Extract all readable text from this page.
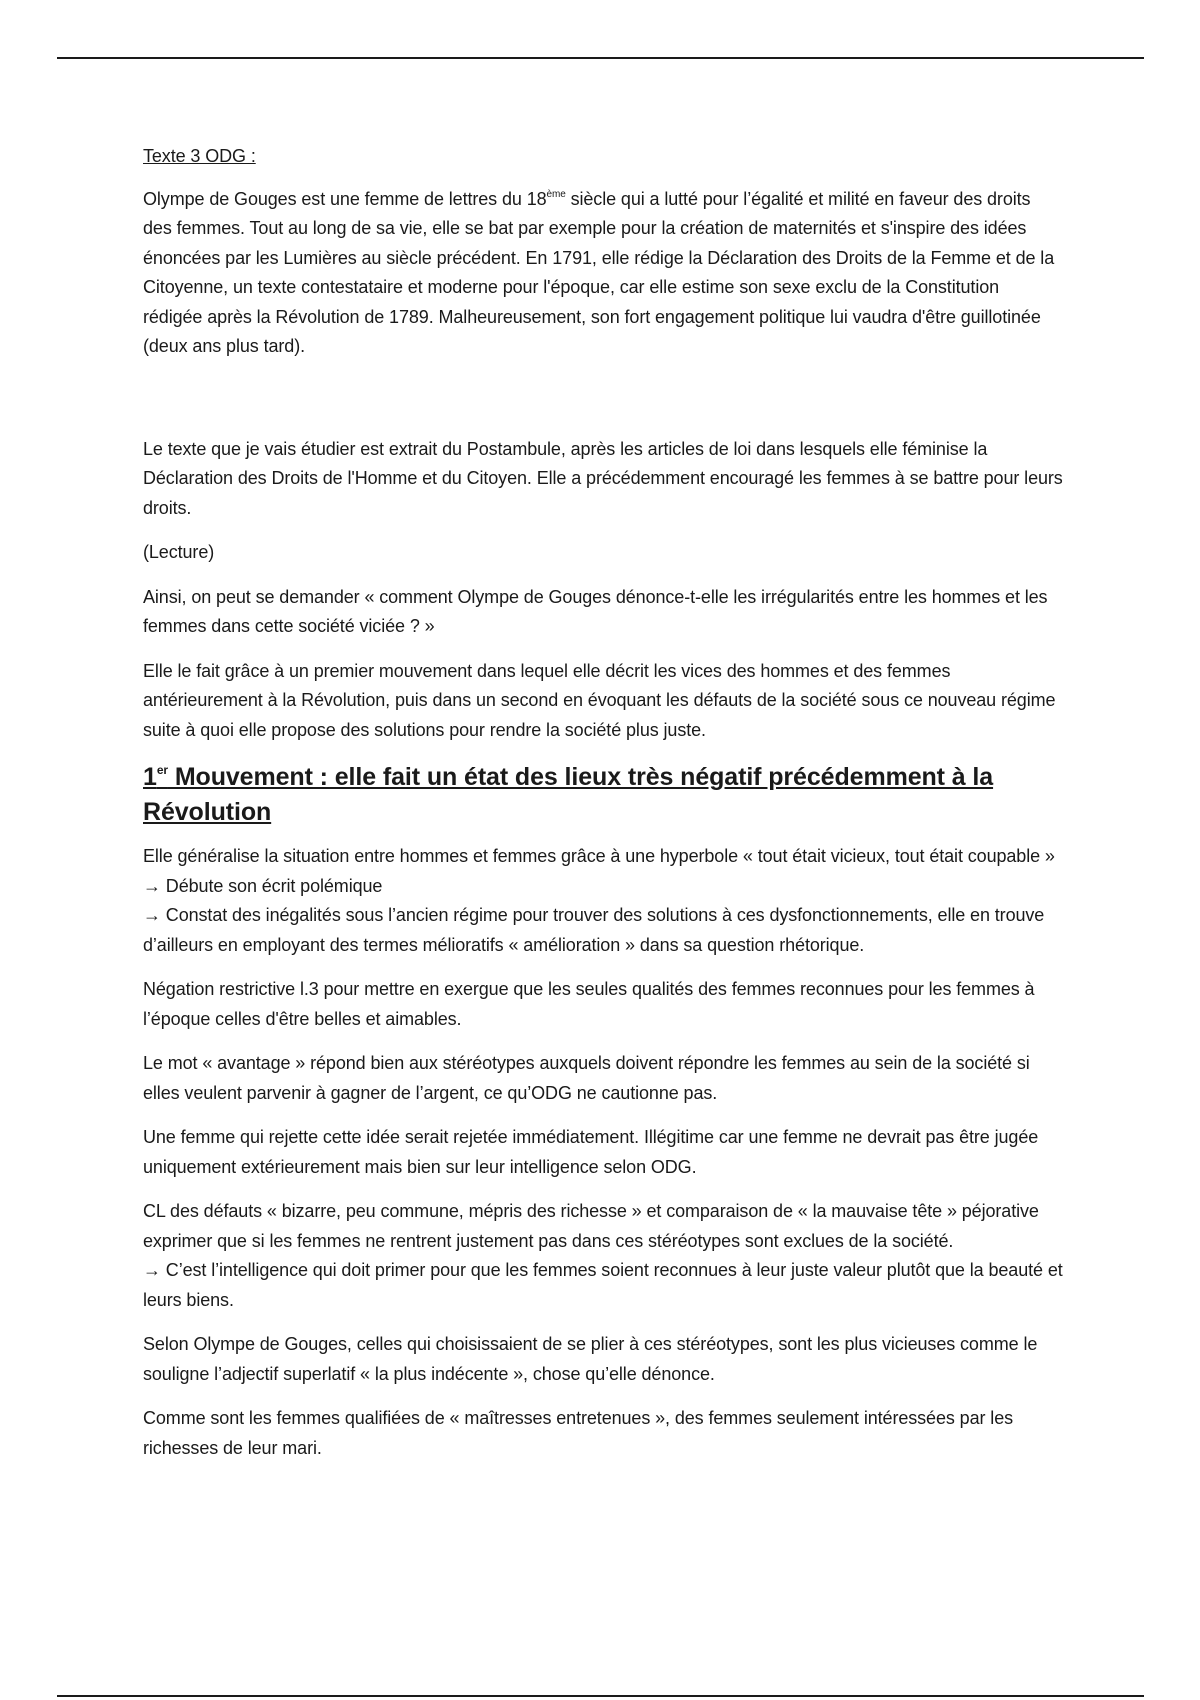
Texte 3 ODG :

Olympe de Gouges est une femme de lettres du 18ème siècle qui a lutté pour l’égalité et milité en faveur des droits des femmes. Tout au long de sa vie, elle se bat par exemple pour la création de maternités et s'inspire des idées énoncées par les Lumières au siècle précédent. En 1791, elle rédige la Déclaration des Droits de la Femme et de la Citoyenne, un texte contestataire et moderne pour l'époque, car elle estime son sexe exclu de la Constitution rédigée après la Révolution de 1789. Malheureusement, son fort engagement politique lui vaudra d'être guillotinée (deux ans plus tard).

Le texte que je vais étudier est extrait du Postambule, après les articles de loi dans lesquels elle féminise la Déclaration des Droits de l'Homme et du Citoyen. Elle a précédemment encouragé les femmes à se battre pour leurs droits.

(Lecture)

Ainsi, on peut se demander « comment Olympe de Gouges dénonce-t-elle les irrégularités entre les hommes et les femmes dans cette société viciée ? »

Elle le fait grâce à un premier mouvement dans lequel elle décrit les vices des hommes et des femmes antérieurement à la Révolution, puis dans un second en évoquant les défauts de la société sous ce nouveau régime suite à quoi elle propose des solutions pour rendre la société plus juste.

1er Mouvement : elle fait un état des lieux très négatif précédemment à la Révolution

Elle généralise la situation entre hommes et femmes grâce à une hyperbole « tout était vicieux, tout était coupable » → Débute son écrit polémique
→ Constat des inégalités sous l’ancien régime pour trouver des solutions à ces dysfonctionnements, elle en trouve d’ailleurs en employant des termes mélioratifs « amélioration » dans sa question rhétorique.

Négation restrictive l.3 pour mettre en exergue que les seules qualités des femmes reconnues pour les femmes à l’époque celles d'être belles et aimables.

Le mot « avantage » répond bien aux stéréotypes auxquels doivent répondre les femmes au sein de la société si elles veulent parvenir à gagner de l’argent, ce qu’ODG ne cautionne pas.

Une femme qui rejette cette idée serait rejetée immédiatement. Illégitime car une femme ne devrait pas être jugée uniquement extérieurement mais bien sur leur intelligence selon ODG.

CL des défauts « bizarre, peu commune, mépris des richesse » et comparaison de « la mauvaise tête » péjorative exprimer que si les femmes ne rentrent justement pas dans ces stéréotypes sont exclues de la société.
→ C’est l’intelligence qui doit primer pour que les femmes soient reconnues à leur juste valeur plutôt que la beauté et leurs biens.

Selon Olympe de Gouges, celles qui choisissaient de se plier à ces stéréotypes, sont les plus vicieuses comme le souligne l’adjectif superlatif « la plus indécente », chose qu’elle dénonce.

Comme sont les femmes qualifiées de « maîtresses entretenues », des femmes seulement intéressées par les richesses de leur mari.
